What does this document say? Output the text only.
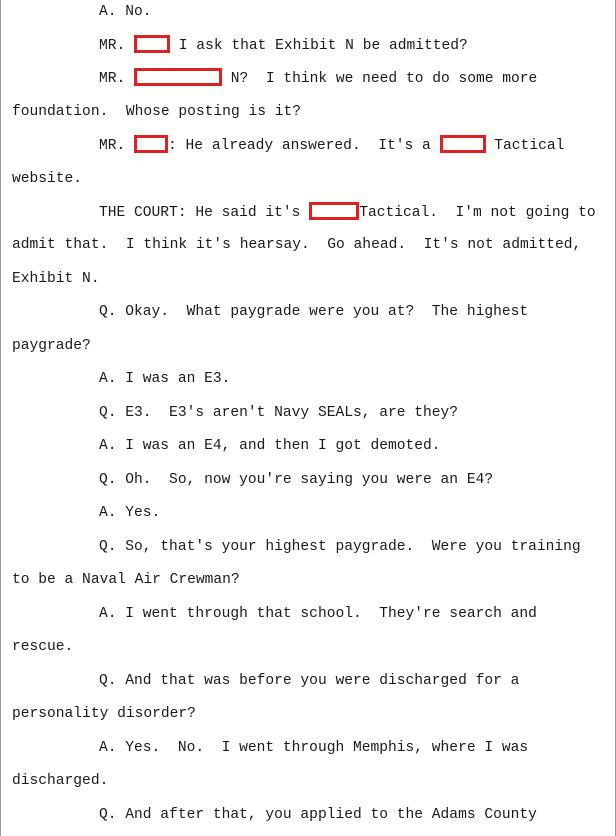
A. No.
MR.  I ask that Exhibit N be admitted?
MR.	N?  I think we need to do some more
foundation.  Whose posting is it?
MR. : He already answered.  It's a	Tactical
website.
THE COURT: He said it's	Tactical.  I'm not going to
admit that.  I think it's hearsay.  Go ahead.  It's not admitted,
Exhibit N.
Q. Okay.  What paygrade were you at?  The highest
paygrade?
A. I was an E3.
Q. E3.  E3's aren't Navy SEALs, are they?
A. I was an E4, and then I got demoted.
Q. Oh.  So, now you're saying you were an E4?
A. Yes.
Q. So, that's your highest paygrade.  Were you training
to be a Naval Air Crewman?
A. I went through that school.  They're search and
rescue.
Q. And that was before you were discharged for a
personality disorder?
A. Yes.  No.  I went through Memphis, where I was
discharged.
Q. And after that, you applied to the Adams County
